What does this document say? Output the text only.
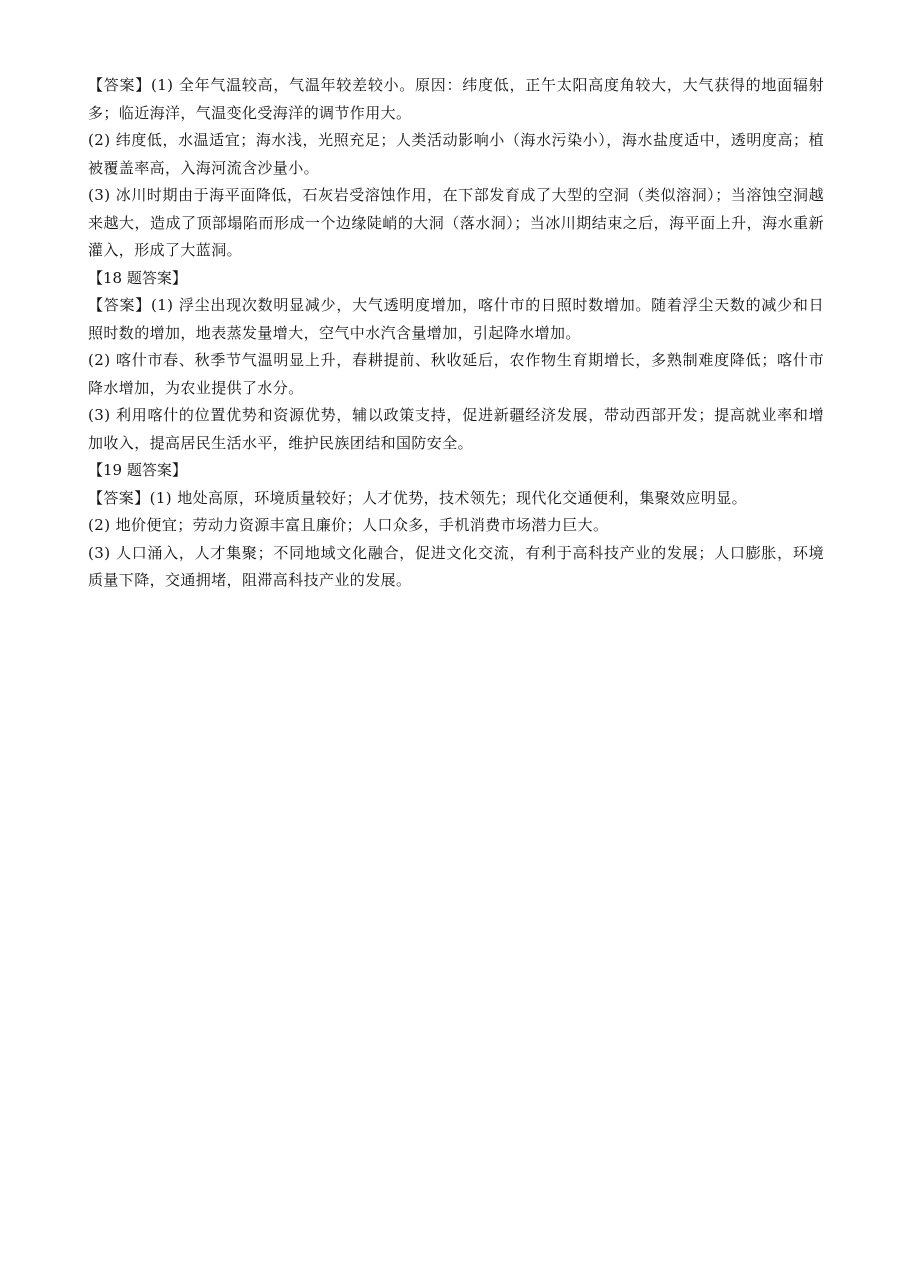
【答案】(1) 全年气温较高，气温年较差较小。原因：纬度低，正午太阳高度角较大，大气获得的地面辐射多；临近海洋，气温变化受海洋的调节作用大。

(2) 纬度低，水温适宜；海水浅，光照充足；人类活动影响小（海水污染小），海水盐度适中，透明度高；植被覆盖率高，入海河流含沙量小。

(3) 冰川时期由于海平面降低，石灰岩受溶蚀作用，在下部发育成了大型的空洞（类似溶洞）；当溶蚀空洞越来越大，造成了顶部塌陷而形成一个边缘陡峭的大洞（落水洞）；当冰川期结束之后，海平面上升，海水重新灌入，形成了大蓝洞。

【18 题答案】

【答案】(1) 浮尘出现次数明显减少，大气透明度增加，喀什市的日照时数增加。随着浮尘天数的减少和日照时数的增加，地表蒸发量增大，空气中水汽含量增加，引起降水增加。

(2) 喀什市春、秋季节气温明显上升，春耕提前、秋收延后，农作物生育期增长，多熟制难度降低；喀什市降水增加，为农业提供了水分。

(3) 利用喀什的位置优势和资源优势，辅以政策支持，促进新疆经济发展，带动西部开发；提高就业率和增加收入，提高居民生活水平，维护民族团结和国防安全。

【19 题答案】

【答案】(1) 地处高原，环境质量较好；人才优势，技术领先；现代化交通便利，集聚效应明显。

(2) 地价便宜；劳动力资源丰富且廉价；人口众多，手机消费市场潜力巨大。

(3) 人口涌入，人才集聚；不同地域文化融合，促进文化交流，有利于高科技产业的发展；人口膨胀，环境质量下降，交通拥堵，阻滞高科技产业的发展。
